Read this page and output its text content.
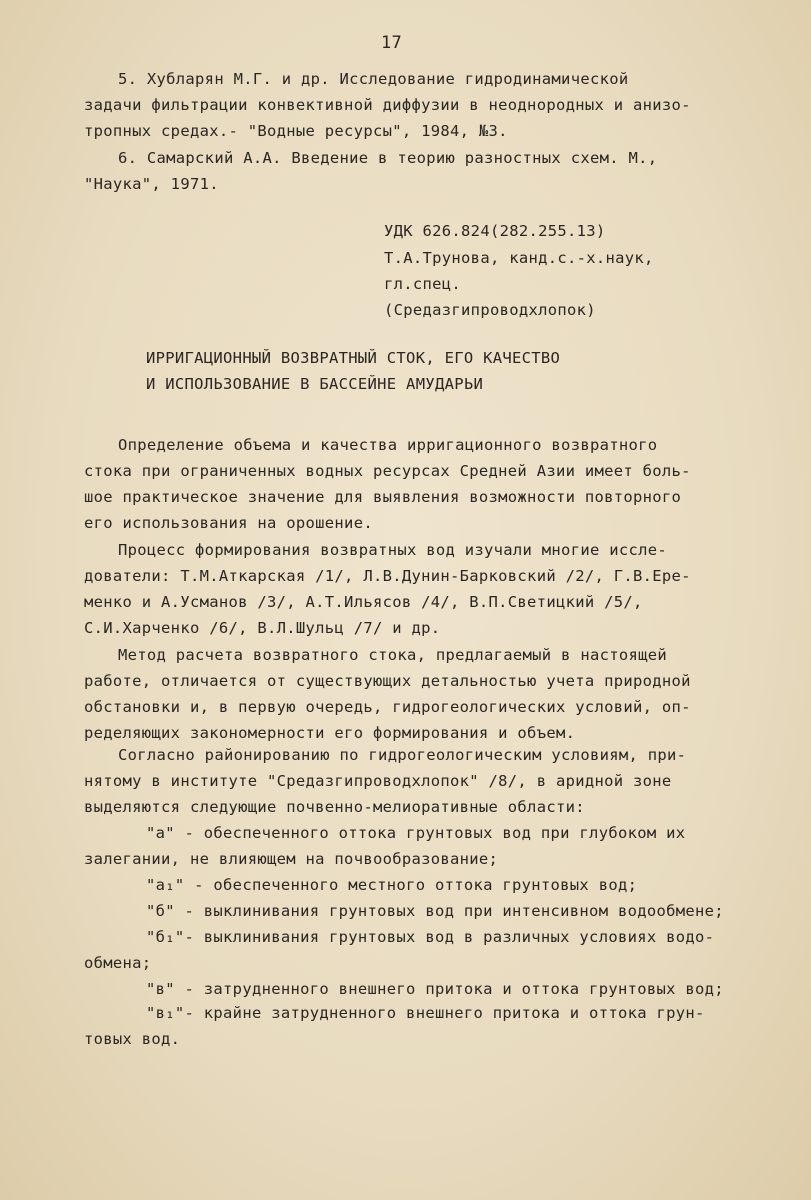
17

5. Хубларян М.Г. и др. Исследование гидродинамической

задачи фильтрации конвективной диффузии в неоднородных и анизо-

тропных средах.- "Водные ресурсы", 1984, №3.

6. Самарский А.А. Введение в теорию разностных схем. М.,

"Наука", 1971.

УДК 626.824(282.255.13)

Т.А.Трунова, канд.с.-х.наук,

гл.спец.

(Средазгипроводхлопок)

ИРРИГАЦИОННЫЙ ВОЗВРАТНЫЙ СТОК, ЕГО КАЧЕСТВО

И ИСПОЛЬЗОВАНИЕ В БАССЕЙНЕ АМУДАРЬИ

Определение объема и качества ирригационного возвратного

стока при ограниченных водных ресурсах Средней Азии имеет боль-

шое практическое значение для выявления возможности повторного

его использования на орошение.

Процесс формирования возвратных вод изучали многие иссле-

дователи: Т.М.Аткарская /1/, Л.В.Дунин-Барковский /2/, Г.В.Ере-

менко и А.Усманов /3/, А.Т.Ильясов /4/, В.П.Светицкий /5/,

С.И.Харченко /6/, В.Л.Шульц /7/ и др.

Метод расчета возвратного стока, предлагаемый в настоящей

работе, отличается от существующих детальностью учета природной

обстановки и, в первую очередь, гидрогеологических условий, оп-

ределяющих закономерности его формирования и объем.

Согласно районированию по гидрогеологическим условиям, при-

нятому в институте "Средазгипроводхлопок" /8/, в аридной зоне

выделяются следующие почвенно-мелиоративные области:

"а" - обеспеченного оттока грунтовых вод при глубоком их

залегании, не влияющем на почвообразование;

"а₁" - обеспеченного местного оттока грунтовых вод;

"б" - выклинивания грунтовых вод при интенсивном водообмене;

"б₁"- выклинивания грунтовых вод в различных условиях водо-

обмена;

"в" - затрудненного внешнего притока и оттока грунтовых вод;

"в₁"- крайне затрудненного внешнего притока и оттока грун-

товых вод.
